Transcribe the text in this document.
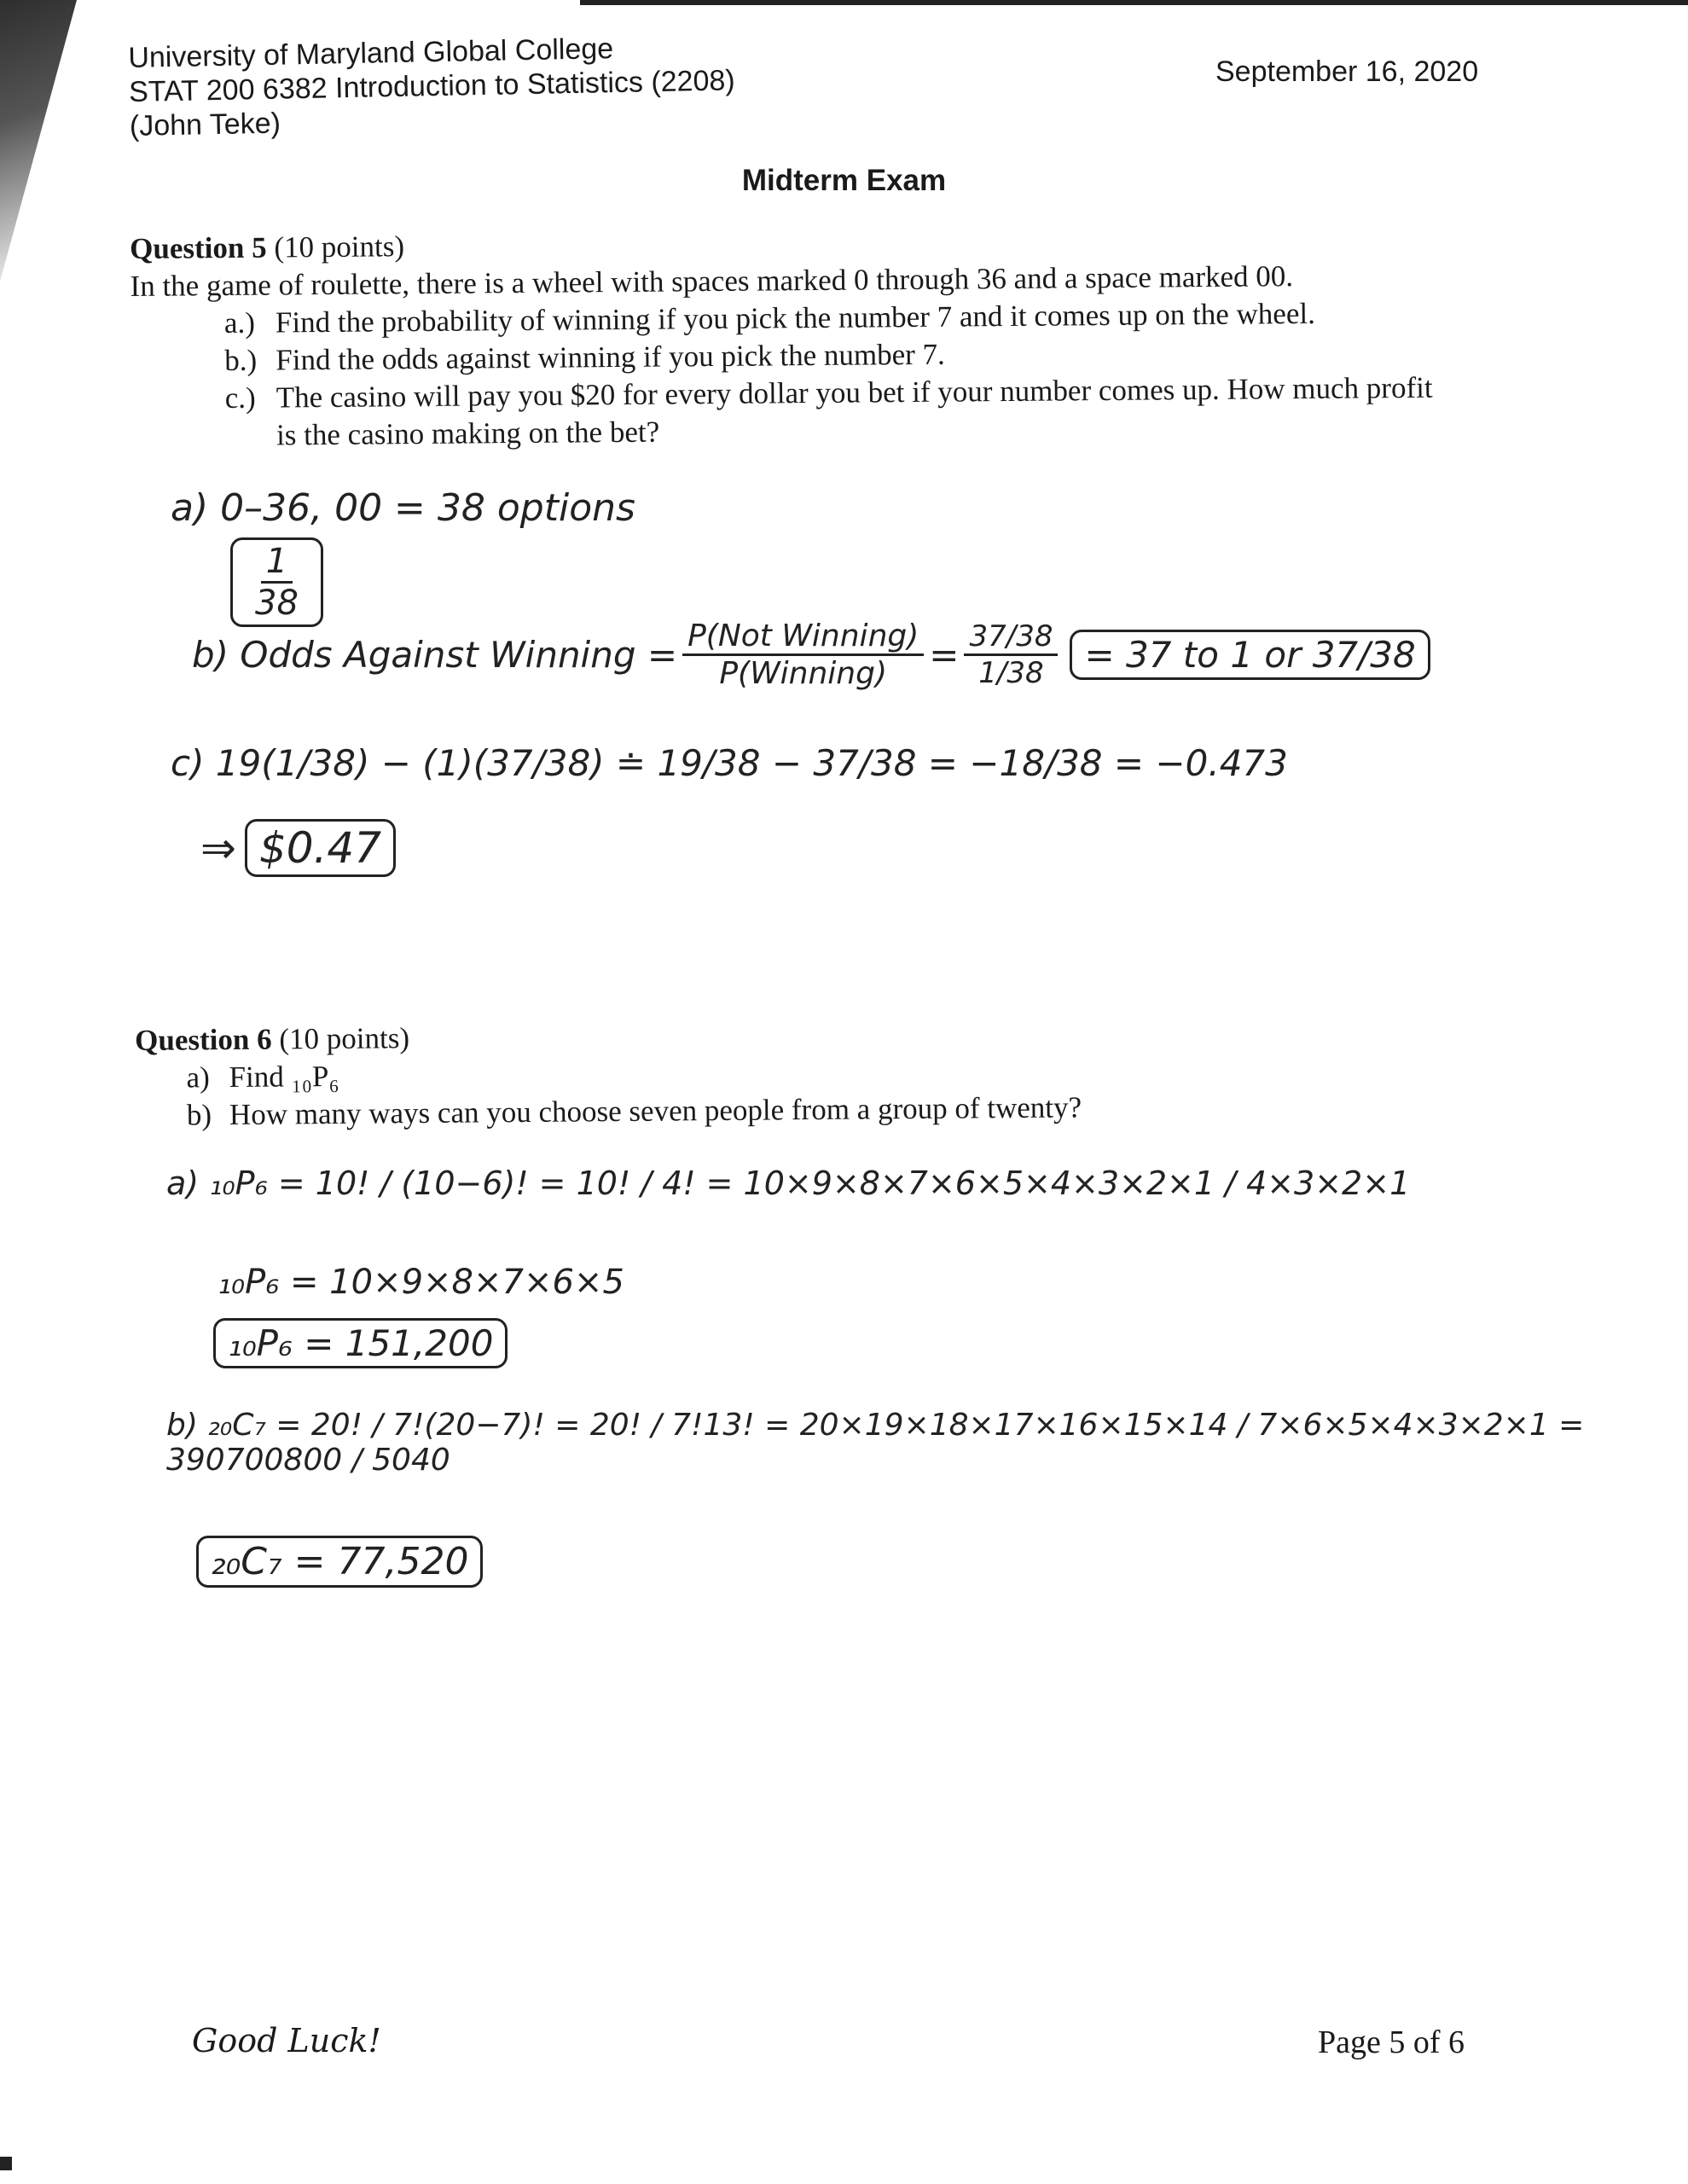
University of Maryland Global College
STAT 200 6382 Introduction to Statistics (2208)
(John Teke)
September 16, 2020
Midterm Exam
Question 5 (10 points)
In the game of roulette, there is a wheel with spaces marked 0 through 36 and a space marked 00.
a.) Find the probability of winning if you pick the number 7 and it comes up on the wheel.
b.) Find the odds against winning if you pick the number 7.
c.) The casino will pay you $20 for every dollar you bet if your number comes up. How much profit is the casino making on the bet?
a) 0–36, 00 = 38 options
$\frac{1}{38}$
b) Odds Against Winning = $\frac{\text{P(Not Winning)}}{\text{P(Winning)}} = \frac{37/38}{1/38} = 37$ to 1 or 37/38
c) 19(1/38) − (1)(37/38) ≐ 19/38 − 37/38 = −18/38 = −0.473
⇒ $0.47
Question 6 (10 points)
a) Find ₁₀P₆
b) How many ways can you choose seven people from a group of twenty?
a) ₁₀P₆ = 10! / (10−6)! = 10! / 4! = 10×9×8×7×6×5×4×3×2×1 / 4×3×2×1
₁₀P₆ = 10×9×8×7×6×5
₁₀P₆ = 151,200
b) ₂₀C₇ = 20! / 7!(20−7)! = 20! / 7!13! = 20×19×18×17×16×15×14 / 7×6×5×4×3×2×1 = 390700800 / 5040
₂₀C₇ = 77,520
Good Luck!	Page 5 of 6
